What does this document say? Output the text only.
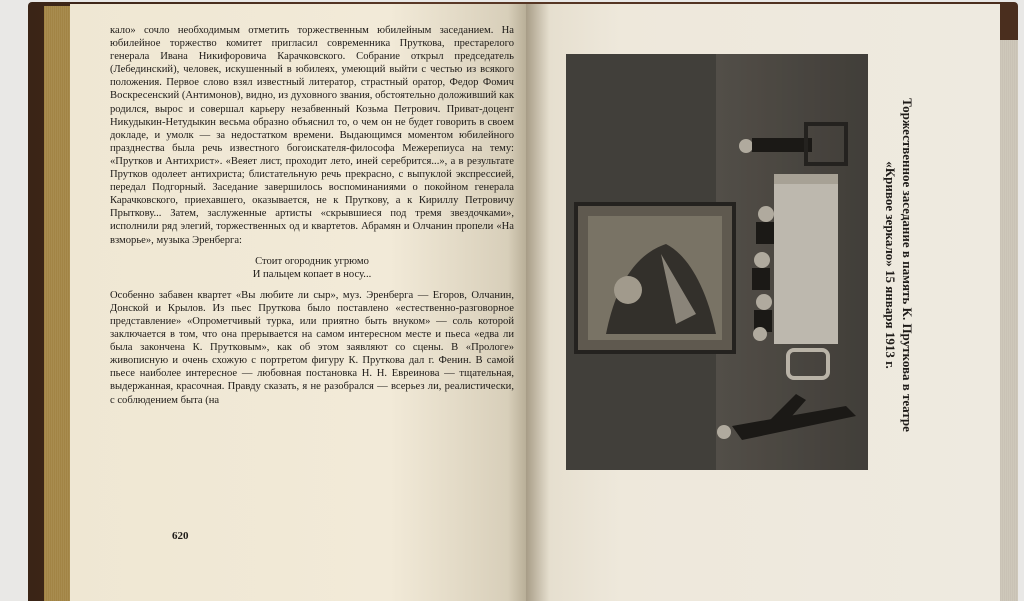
кало» сочло необходимым отметить торжественным юбилейным заседанием. На юбилейное торжество комитет пригласил современника Пруткова, престарелого генерала Ивана Никифоровича Карачковского. Собрание открыл председатель (Лебединский), человек, искушенный в юбилеях, умеющий выйти с честью из всякого положения. Первое слово взял известный литератор, страстный оратор, Федор Фомич Воскресенский (Антимонов), видно, из духовного звания, обстоятельно доложивший как родился, вырос и совершал карьеру незабвенный Козьма Петрович. Приват-доцент Никудыкин-Нетудыкин весьма образно объяснил то, о чем он не будет говорить в своем докладе, и умолк — за недостатком времени. Выдающимся моментом юбилейного празднества была речь известного богоискателя-философа Межерепиуса на тему: «Прутков и Антихрист». «Веяет лист, проходит лето, иней серебрится...», а в результате Прутков одолеет антихриста; блистательную речь прекрасно, с выпуклой экспрессией, передал Подгорный. Заседание завершилось воспоминаниями о покойном генерала Карачковского, приехавшего, оказывается, не к Пруткову, а к Кириллу Петровичу Прыткову... Затем, заслуженные артисты «скрывшиеся под тремя звездочками», исполнили ряд элегий, торжественных од и квартетов. Абрамян и Олчанин пропели «На взморье», музыка Эренберга:

Стоит огородник угрюмо
И пальцем копает в носу...

Особенно забавен квартет «Вы любите ли сыр», муз. Эренберга — Егоров, Олчанин, Донской и Крылов. Из пьес Пруткова было поставлено «естественно-разговорное представление» «Опрометчивый турка, или приятно быть внуком» — соль которой заключается в том, что она прерывается на самом интересном месте и пьеса «едва ли была закончена К. Прутковым», как об этом заявляют со сцены. В «Прологе» живописную и очень схожую с портретом фигуру К. Пруткова дал г. Фенин. В самой пьесе наиболее интересное — любовная постановка Н. Н. Евреинова — тщательная, выдержанная, красочная. Правду сказать, я не разобрался — всерьез ли, реалистически, с соблюдением быта (на

620
Торжественное заседание в память К. Пруткова в театре
«Кривое зеркало» 15 января 1913 г.
